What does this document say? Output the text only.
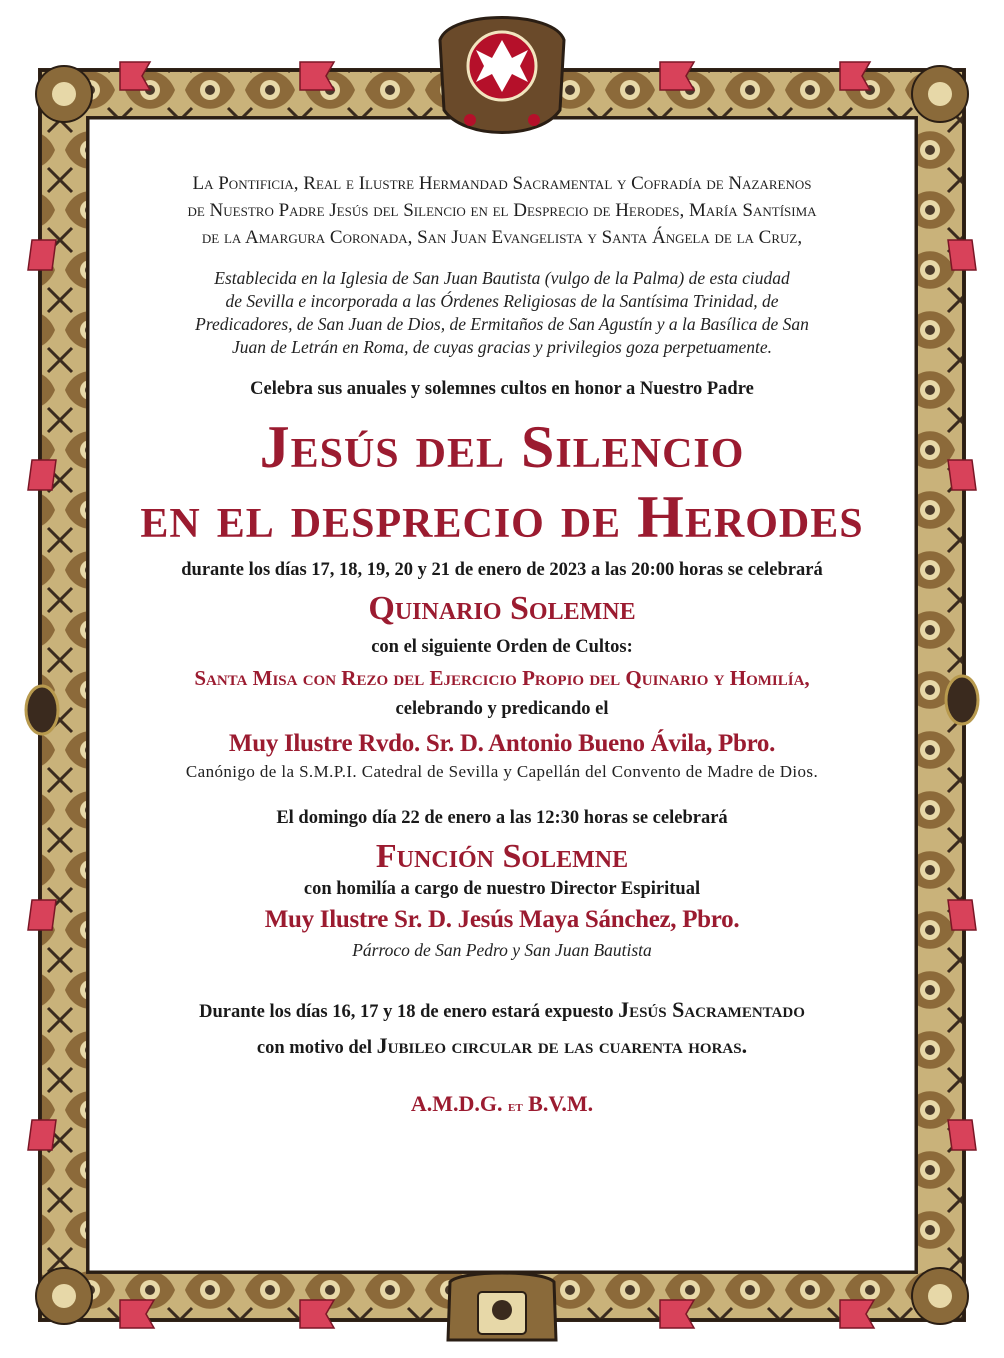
La Pontificia, Real e Ilustre Hermandad Sacramental y Cofradía de Nazarenos
de Nuestro Padre Jesús del Silencio en el Desprecio de Herodes, María Santísima
de la Amargura Coronada, San Juan Evangelista y Santa Ángela de la Cruz,

Establecida en la Iglesia de San Juan Bautista (vulgo de la Palma) de esta ciudad
de Sevilla e incorporada a las Órdenes Religiosas de la Santísima Trinidad, de
Predicadores, de San Juan de Dios, de Ermitaños de San Agustín y a la Basílica de San
Juan de Letrán en Roma, de cuyas gracias y privilegios goza perpetuamente.

Celebra sus anuales y solemnes cultos en honor a Nuestro Padre

Jesús del Silencio
en el desprecio de Herodes

durante los días 17, 18, 19, 20 y 21 de enero de 2023 a las 20:00 horas se celebrará

Quinario Solemne

con el siguiente Orden de Cultos:

Santa Misa con Rezo del Ejercicio Propio del Quinario y Homilía,

celebrando y predicando el

Muy Ilustre Rvdo. Sr. D. Antonio Bueno Ávila, Pbro.

Canónigo de la S.M.P.I. Catedral de Sevilla y Capellán del Convento de Madre de Dios.

El domingo día 22 de enero a las 12:30 horas se celebrará

Función Solemne

con homilía a cargo de nuestro Director Espiritual

Muy Ilustre Sr. D. Jesús Maya Sánchez, Pbro.

Párroco de San Pedro y San Juan Bautista

Durante los días 16, 17 y 18 de enero estará expuesto Jesús Sacramentado
con motivo del Jubileo circular de las cuarenta horas.

A.M.D.G. et B.V.M.
